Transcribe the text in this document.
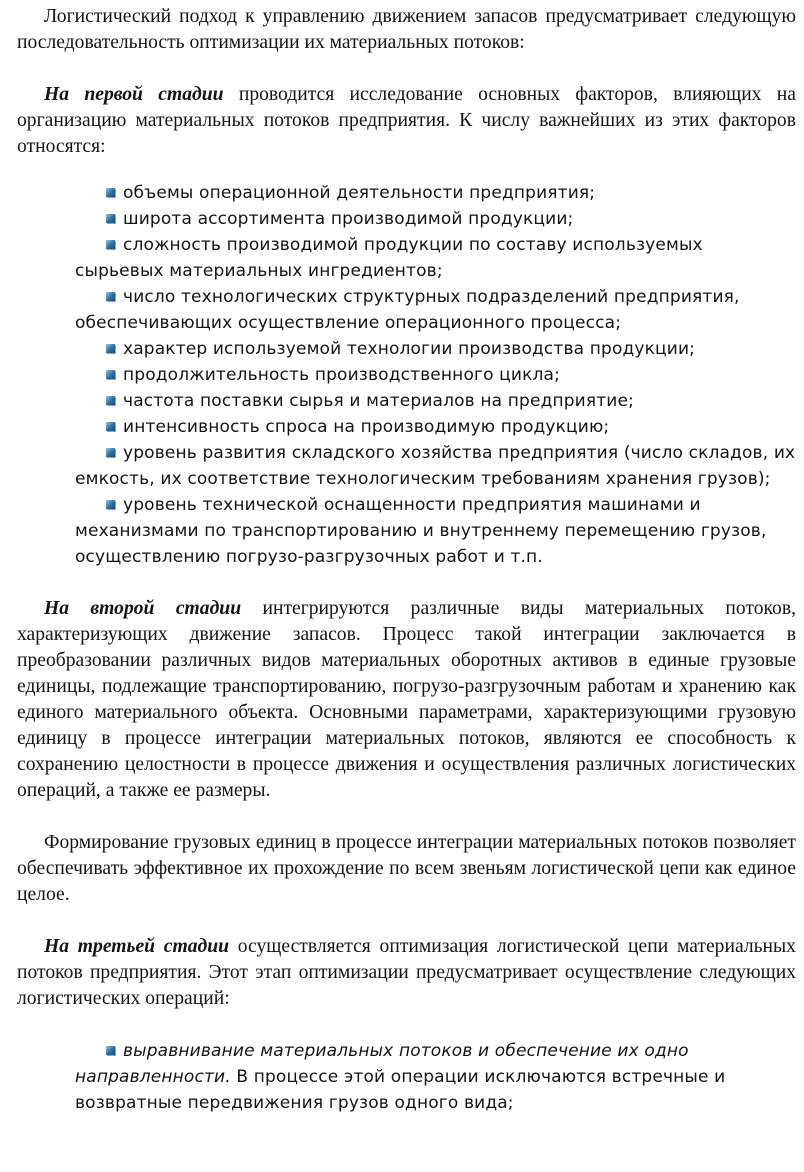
Логистический подход к управлению движением запасов предусматривает следующую последовательность оптимизации их материальных потоков:

На первой стадии проводится исследование основных факторов, влияющих на организацию материальных потоков предприятия. К числу важнейших из этих факторов относятся:

объемы операционной деятельности предприятия;
широта ассортимента производимой продукции;
сложность производимой продукции по составу используемых сырьевых материальных ингредиентов;
число технологических структурных подразделений предприятия, обеспечивающих осуществление операционного процесса;
характер используемой технологии производства продукции;
продолжительность производственного цикла;
частота поставки сырья и материалов на предприятие;
интенсивность спроса на производимую продукцию;
уровень развития складского хозяйства предприятия (число складов, их емкость, их соответствие технологическим требованиям хранения грузов);
уровень технической оснащенности предприятия машинами и механизмами по транспортированию и внутреннему перемещению грузов, осуществлению погрузо-разгрузочных работ и т.п.

На второй стадии интегрируются различные виды материальных потоков, характеризующих движение запасов. Процесс такой интеграции заключается в преобразовании различных видов материальных оборотных активов в единые грузовые единицы, подлежащие транспортированию, погрузо-разгрузочным работам и хранению как единого материального объекта. Основными параметрами, характеризующими грузовую единицу в процессе интеграции материальных потоков, являются ее способность к сохранению целостности в процессе движения и осуществления различных логистических операций, а также ее размеры.

Формирование грузовых единиц в процессе интеграции материальных потоков позволяет обеспечивать эффективное их прохождение по всем звеньям логистической цепи как единое целое.

На третьей стадии осуществляется оптимизация логистической цепи материальных потоков предприятия. Этот этап оптимизации предусматривает осуществление следующих логистических операций:

выравнивание материальных потоков и обеспечение их одно направленности. В процессе этой операции исключаются встречные и возвратные передвижения грузов одного вида;
